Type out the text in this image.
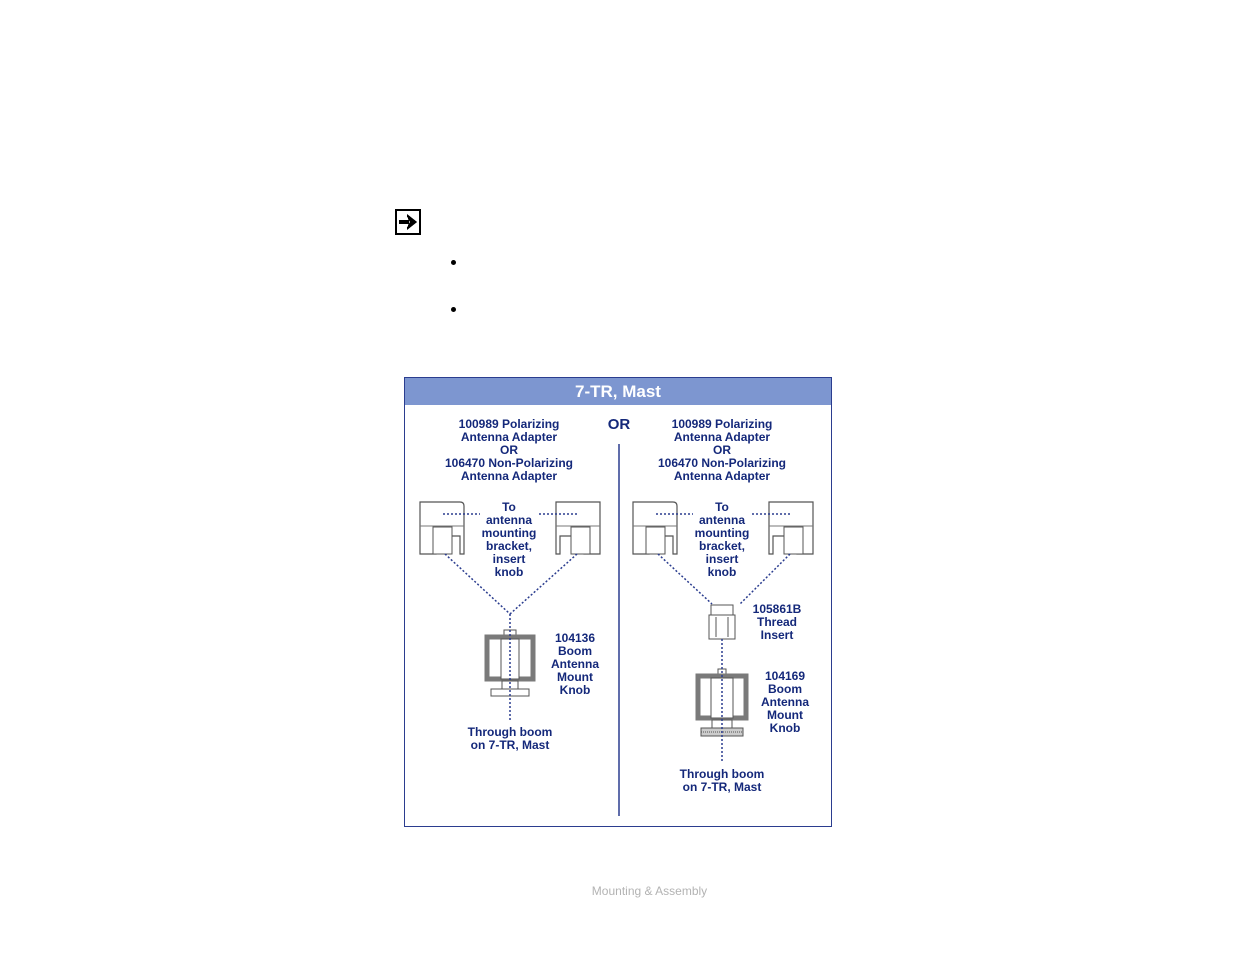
7-TR, Mast
OR
100989 Polarizing
Antenna Adapter
OR
106470 Non-Polarizing
Antenna Adapter
To
antenna
mounting
bracket,
insert
knob
104136
Boom
Antenna
Mount
Knob
Through boom
on 7-TR, Mast
100989 Polarizing
Antenna Adapter
OR
106470 Non-Polarizing
Antenna Adapter
To
antenna
mounting
bracket,
insert
knob
105861B
Thread
Insert
104169
Boom
Antenna
Mount
Knob
Through boom
on 7-TR, Mast
Mounting & Assembly
